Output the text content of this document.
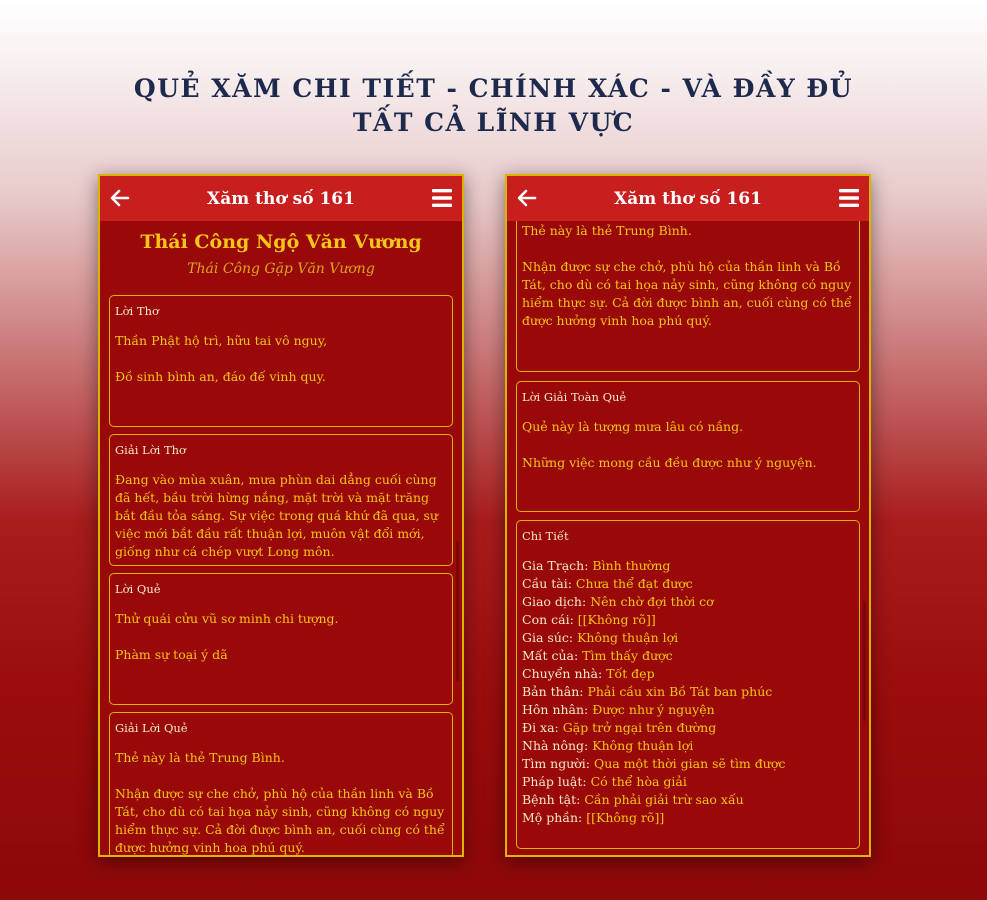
QUẺ XĂM CHI TIẾT - CHÍNH XÁC - VÀ ĐẦY ĐỦ
TẤT CẢ LĨNH VỰC
Xăm thơ số 161
Thái Công Ngộ Văn Vương
Thái Công Gặp Văn Vương
Lời Thơ

Thần Phật hộ trì, hữu tai vô nguy,

Đồ sinh bình an, đáo đế vinh quy.

Giải Lời Thơ

Đang vào mùa xuân, mưa phùn dai dẳng cuối cùng đã hết, bầu trời hừng nắng, mặt trời và mặt trăng bắt đầu tỏa sáng. Sự việc trong quá khứ đã qua, sự việc mới bắt đầu rất thuận lợi, muôn vật đổi mới, giống như cá chép vượt Long môn.

Lời Quẻ

Thử quái cửu vũ sơ minh chi tượng.

Phàm sự toại ý dã

Giải Lời Quẻ

Thẻ này là thẻ Trung Bình.

Nhận được sự che chở, phù hộ của thần linh và Bồ Tát, cho dù có tai họa nảy sinh, cũng không có nguy hiểm thực sự. Cả đời được bình an, cuối cùng có thể được hưởng vinh hoa phú quý.

Xăm thơ số 161

Thẻ này là thẻ Trung Bình.

Nhận được sự che chở, phù hộ của thần linh và Bồ Tát, cho dù có tai họa nảy sinh, cũng không có nguy hiểm thực sự. Cả đời được bình an, cuối cùng có thể được hưởng vinh hoa phú quý.

Lời Giải Toàn Quẻ

Quẻ này là tượng mưa lâu có nắng.

Những việc mong cầu đều được như ý nguyện.

Chi Tiết
Gia Trạch: Bình thường
Cầu tài: Chưa thể đạt được
Giao dịch: Nên chờ đợi thời cơ
Con cái: [[Không rõ]]
Gia súc: Không thuận lợi
Mất của: Tìm thấy được
Chuyển nhà: Tốt đẹp
Bản thân: Phải cầu xin Bồ Tát ban phúc
Hôn nhân: Được như ý nguyện
Đi xa: Gặp trở ngại trên đường
Nhà nông: Không thuận lợi
Tìm người: Qua một thời gian sẽ tìm được
Pháp luật: Có thể hòa giải
Bệnh tật: Cần phải giải trừ sao xấu
Mộ phần: [[Không rõ]]
